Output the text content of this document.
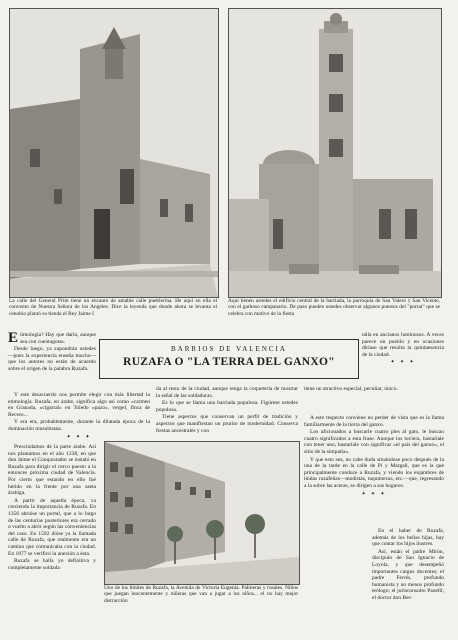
La calle del General Prim tiene un encanto de amable calle pueblerina. He aquí en ella el convento de Nuestra Señora de los Angeles. Dice la leyenda que donde ahora se levanta el cenobio plantó su tienda el Rey Jaime I

Aquí tienen ustedes el edificio central de la barriada, la parroquia de San Valero y San Vicente, con el garboso campanario. De paso pueden ustedes observar algunos puestos del "porrat" que se celebra con motivo de la fiesta

BARRIOS DE VALENCIA
RUZAFA O "LA TERRA DEL GANXO"

Etimologia? Hay que darla, aunque sea con cuentagotas.

Desde luego, ya supondrán ustedes—pues la experiencia enseña mucho—que los autores no están de acuerdo sobre el origen de la palabra Ruzafa.

Y este desacuerdo nos permite elegir con más libertad la etimología. Ruzafa, en árabe, significa algo así como «carmen en Granada, «cigarral» en Toledo «pazo», vergel, finca de Recreo...

Y era era, probablemente, durante la dilatada época de la dominación musulmana.

✦ ✦ ✦

da al resto de la ciudad, aunque tenga la coquetería de mostrar la señal de las soldaduras.

Es lo que se llama una barriada populosa. Figúrese ustedes populosa.

Tiene aspectos que conservan un perfil de tradición y aspectos que manifiestan un prurito de modernidad. Conserva fiestas ancestrales y con

talla en ancianos luminosos. A veces parece un pueblo y en ocasiones diríase que resulta la quintaesencia de la ciudad.

✦ ✦ ✦

tiene un atractivo especial, peculiar, único.

Prescindamos de la parte árabe. Así nos plantamos en el año 1238, en que don Jaime el Conquistador se instaló en Ruzafa para dirigir el cerco puesto a la entonces próxima ciudad de Valencia. Por cierto que estando en ello fué herido en la frente por una saeta árabiga.

A partir de aquella época, va creciendo la importancia de Ruzafa. En 1356 abrióse un portal, que a lo largo de las centurias posteriores era cerrado o vuelto a abrir según las conveniencias del caso. En 1592 dióse ya la llamada calle de Ruzafa, que realmente era un camino que comunicaba con la ciudad. En 1877 se verificó la anexión a ésta.

Ruzafa se halla yo definitiva y completamente soldada

Uno de los límites de Ruzafa, la Avenida de Victoria Eugenia. Palmeras y rosales. Niños que juegan inocentemente y niñeras que van a jugar a los niños... el no hay mejor distracción

A este respecto conviene no perder de vista que es la llama familiarmente de la tierra del ganxo.

Los aficionados a buscarle cuatro pies al gato, le buscan cuatro significados a esta frase. Aunque los tuviera, bastaríale con tener uno, bastaríale con significar «el país del ganxo», el sitio de la simpatía».

Y que esto sea, no cabe duda situándose poco después de la una de la tarde en la calle de Pí y Margall, que es la que principalmente conduce a Ruzafa, y viendo los enjambres de lindas ruzafeñas—modistas, taquimecas, etc.—que, regresando a la sobre las aceras, se dirigen a sus hogares.

✦ ✦ ✦

En el haber de Ruzafa, además de los bellas hijas, hay que contar los hijos ilustres.

Así, están el padre Mirón, discípulo de San Ignacio de Loyola, y que desempeñó importantes cargos docentes; el padre Ferrés, profundo humanista y no menos profundo teólogo; el jurisconsulto Panelli; el doctor don Ber-
